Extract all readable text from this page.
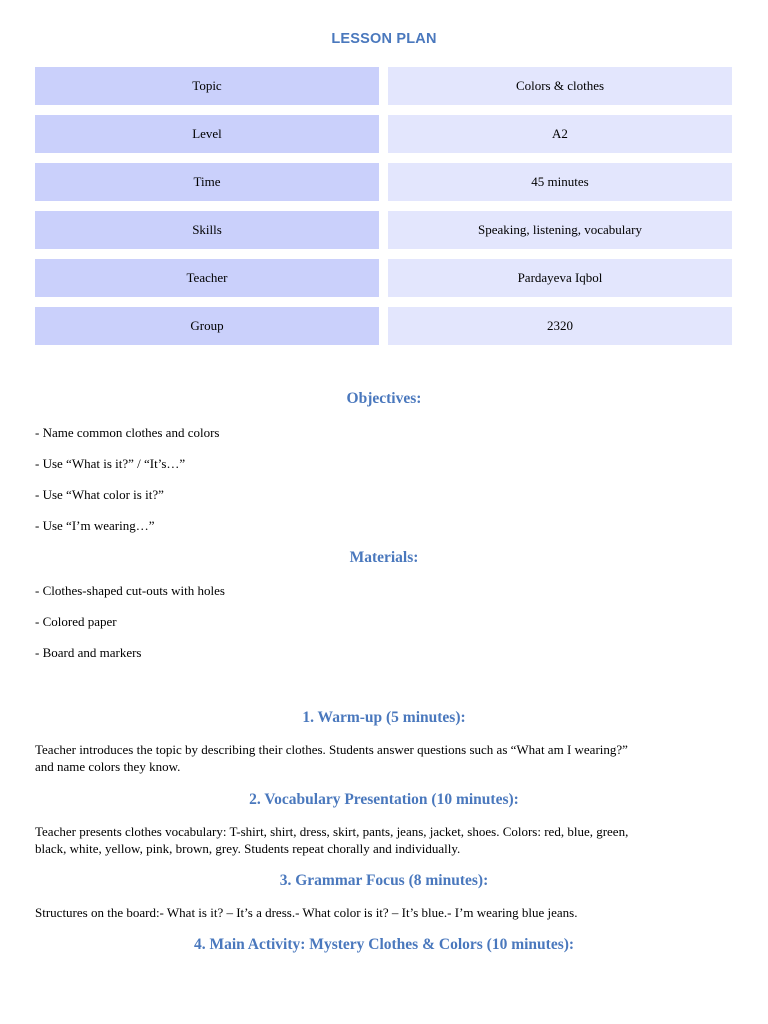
LESSON PLAN
Topic	Colors & clothes
Level	A2
Time	45 minutes
Skills	Speaking, listening, vocabulary
Teacher	Pardayeva Iqbol
Group	2320
Objectives:
- Name common clothes and colors
- Use “What is it?” / “It’s…”
- Use “What color is it?”
- Use “I’m wearing…”
Materials:
- Clothes-shaped cut-outs with holes
- Colored paper
- Board and markers
1. Warm-up (5 minutes):
Teacher introduces the topic by describing their clothes. Students answer questions such as “What am I wearing?”
and name colors they know.
2. Vocabulary Presentation (10 minutes):
Teacher presents clothes vocabulary: T-shirt, shirt, dress, skirt, pants, jeans, jacket, shoes. Colors: red, blue, green,
black, white, yellow, pink, brown, grey. Students repeat chorally and individually.
3. Grammar Focus (8 minutes):
Structures on the board:- What is it? – It’s a dress.- What color is it? – It’s blue.- I’m wearing blue jeans.
4. Main Activity: Mystery Clothes & Colors (10 minutes):
